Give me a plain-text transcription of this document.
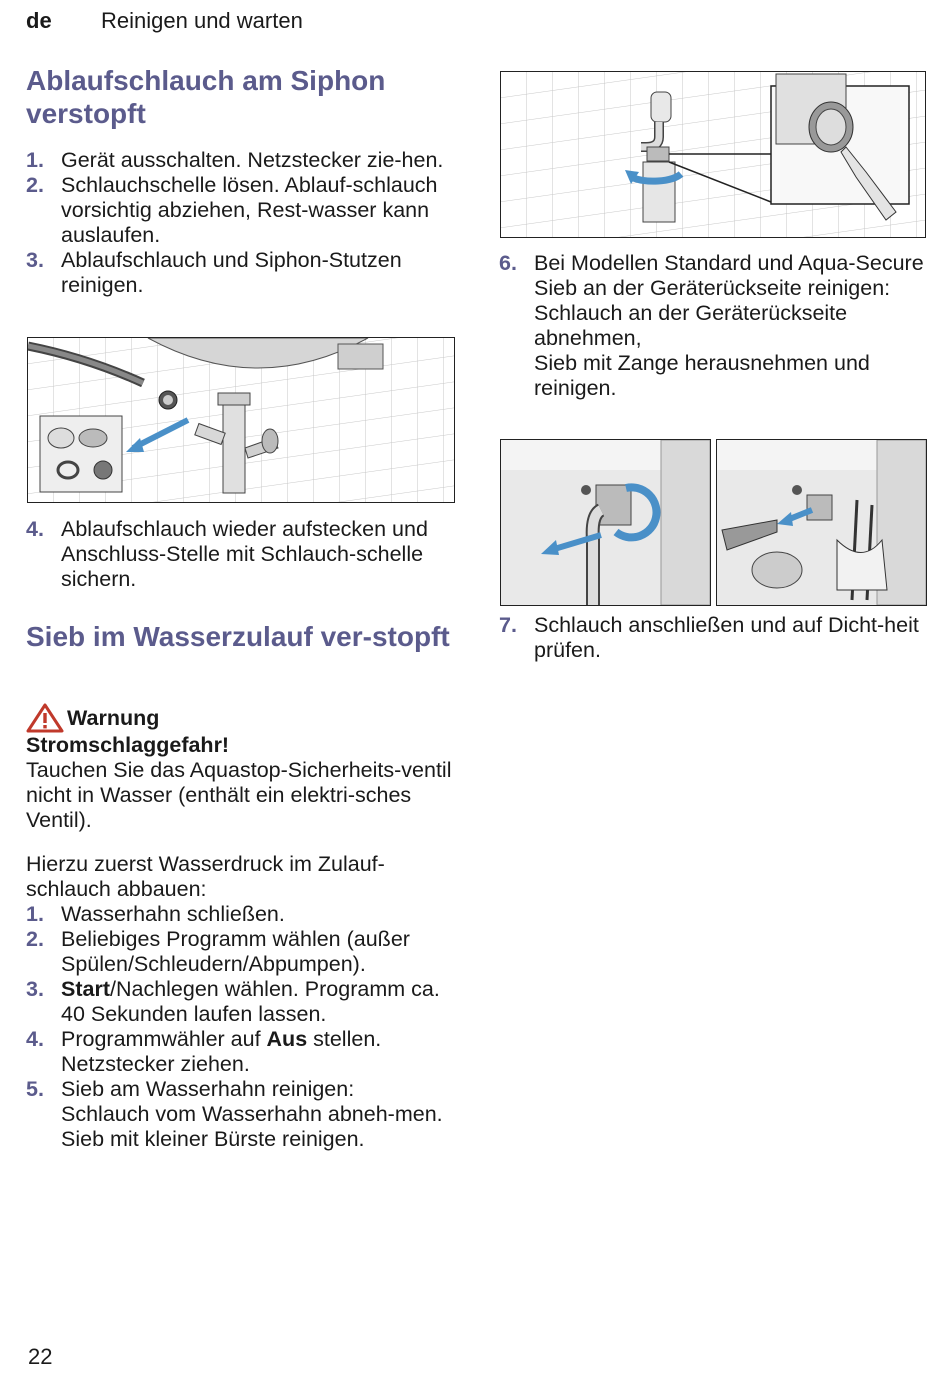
de Reinigen und warten
Ablaufschlauch am Siphon verstopft
1. Gerät ausschalten. Netzstecker zie-hen.
2. Schlauchschelle lösen. Ablauf-schlauch vorsichtig abziehen, Rest-wasser kann auslaufen.
3. Ablaufschlauch und Siphon-Stutzen reinigen.
4. Ablaufschlauch wieder aufstecken und Anschluss-Stelle mit Schlauch-schelle sichern.
Sieb im Wasserzulauf ver-stopft
Warnung
Stromschlaggefahr!
Tauchen Sie das Aquastop-Sicherheits-ventil nicht in Wasser (enthält ein elektri-sches Ventil).
Hierzu zuerst Wasserdruck im Zulauf-schlauch abbauen:
1. Wasserhahn schließen.
2. Beliebiges Programm wählen (außer Spülen/Schleudern/Abpumpen).
3. Start/Nachlegen wählen. Programm ca. 40 Sekunden laufen lassen.
4. Programmwähler auf Aus stellen. Netzstecker ziehen.
5. Sieb am Wasserhahn reinigen:
Schlauch vom Wasserhahn abneh-men.
Sieb mit kleiner Bürste reinigen.
6. Bei Modellen Standard und Aqua-Secure Sieb an der Geräterückseite reinigen:
Schlauch an der Geräterückseite abnehmen,
Sieb mit Zange herausnehmen und reinigen.
7. Schlauch anschließen und auf Dicht-heit prüfen.
22
